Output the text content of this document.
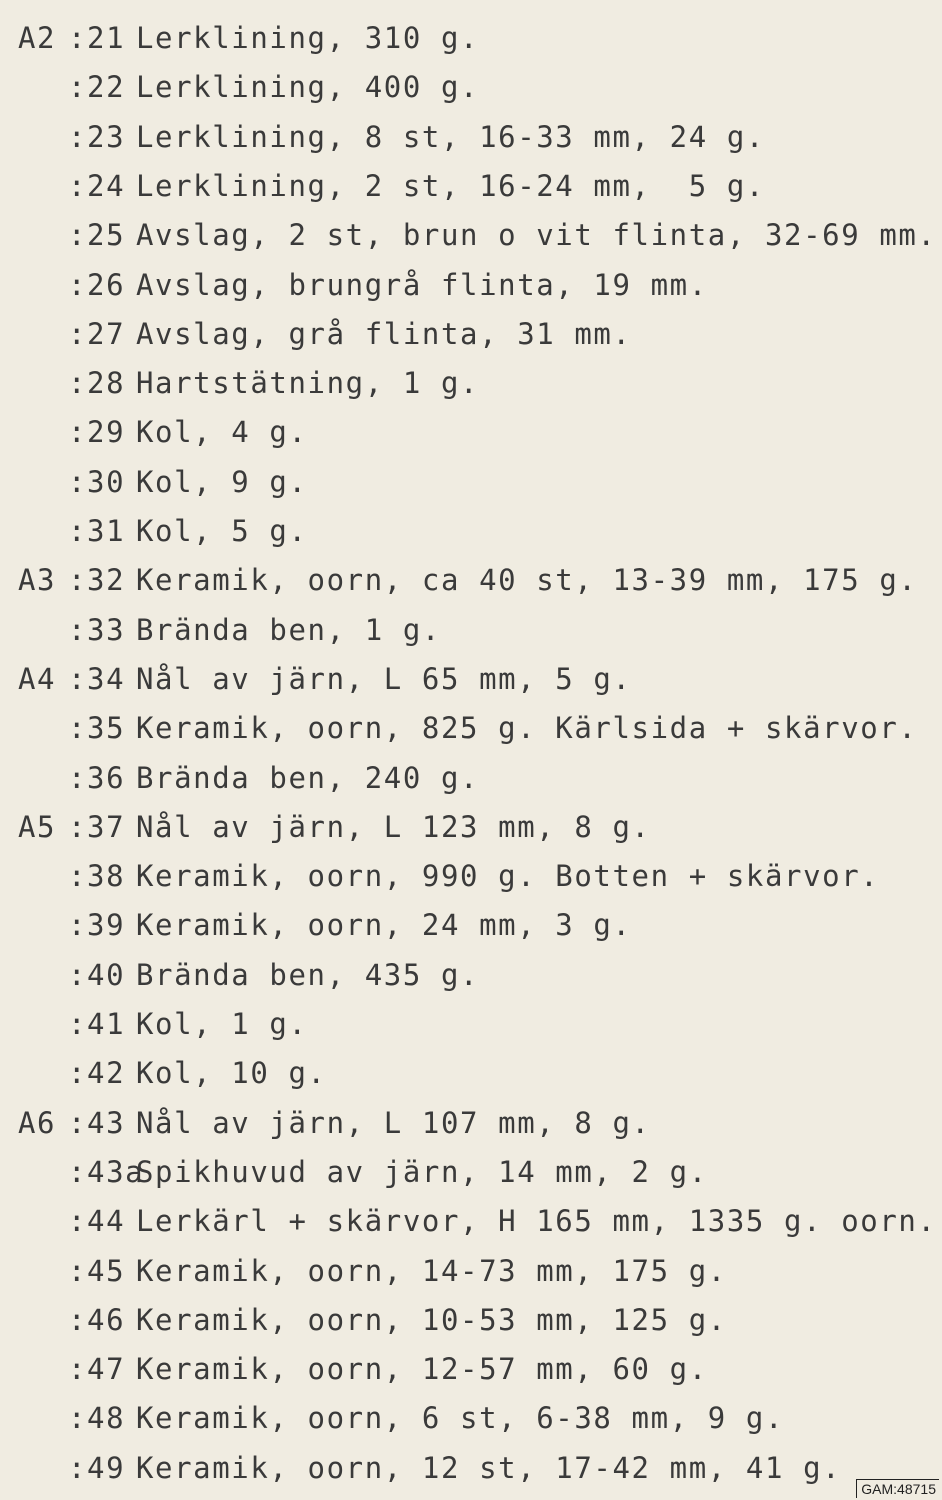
A2 :21 Lerklining, 310 g.
:22 Lerklining, 400 g.
:23 Lerklining, 8 st, 16-33 mm, 24 g.
:24 Lerklining, 2 st, 16-24 mm,  5 g.
:25 Avslag, 2 st, brun o vit flinta, 32-69 mm.
:26 Avslag, brungrå flinta, 19 mm.
:27 Avslag, grå flinta, 31 mm.
:28 Hartstätning, 1 g.
:29 Kol, 4 g.
:30 Kol, 9 g.
:31 Kol, 5 g.
A3 :32 Keramik, oorn, ca 40 st, 13-39 mm, 175 g.
:33 Brända ben, 1 g.
A4 :34 Nål av järn, L 65 mm, 5 g.
:35 Keramik, oorn, 825 g. Kärlsida + skärvor.
:36 Brända ben, 240 g.
A5 :37 Nål av järn, L 123 mm, 8 g.
:38 Keramik, oorn, 990 g. Botten + skärvor.
:39 Keramik, oorn, 24 mm, 3 g.
:40 Brända ben, 435 g.
:41 Kol, 1 g.
:42 Kol, 10 g.
A6 :43 Nål av järn, L 107 mm, 8 g.
:43a
Spikhuvud av järn, 14 mm, 2 g.
:44 Lerkärl + skärvor, H 165 mm, 1335 g. oorn.
:45 Keramik, oorn, 14-73 mm, 175 g.
:46 Keramik, oorn, 10-53 mm, 125 g.
:47 Keramik, oorn, 12-57 mm, 60 g.
:48 Keramik, oorn, 6 st, 6-38 mm, 9 g.
:49 Keramik, oorn, 12 st, 17-42 mm, 41 g.
GAM:48715
